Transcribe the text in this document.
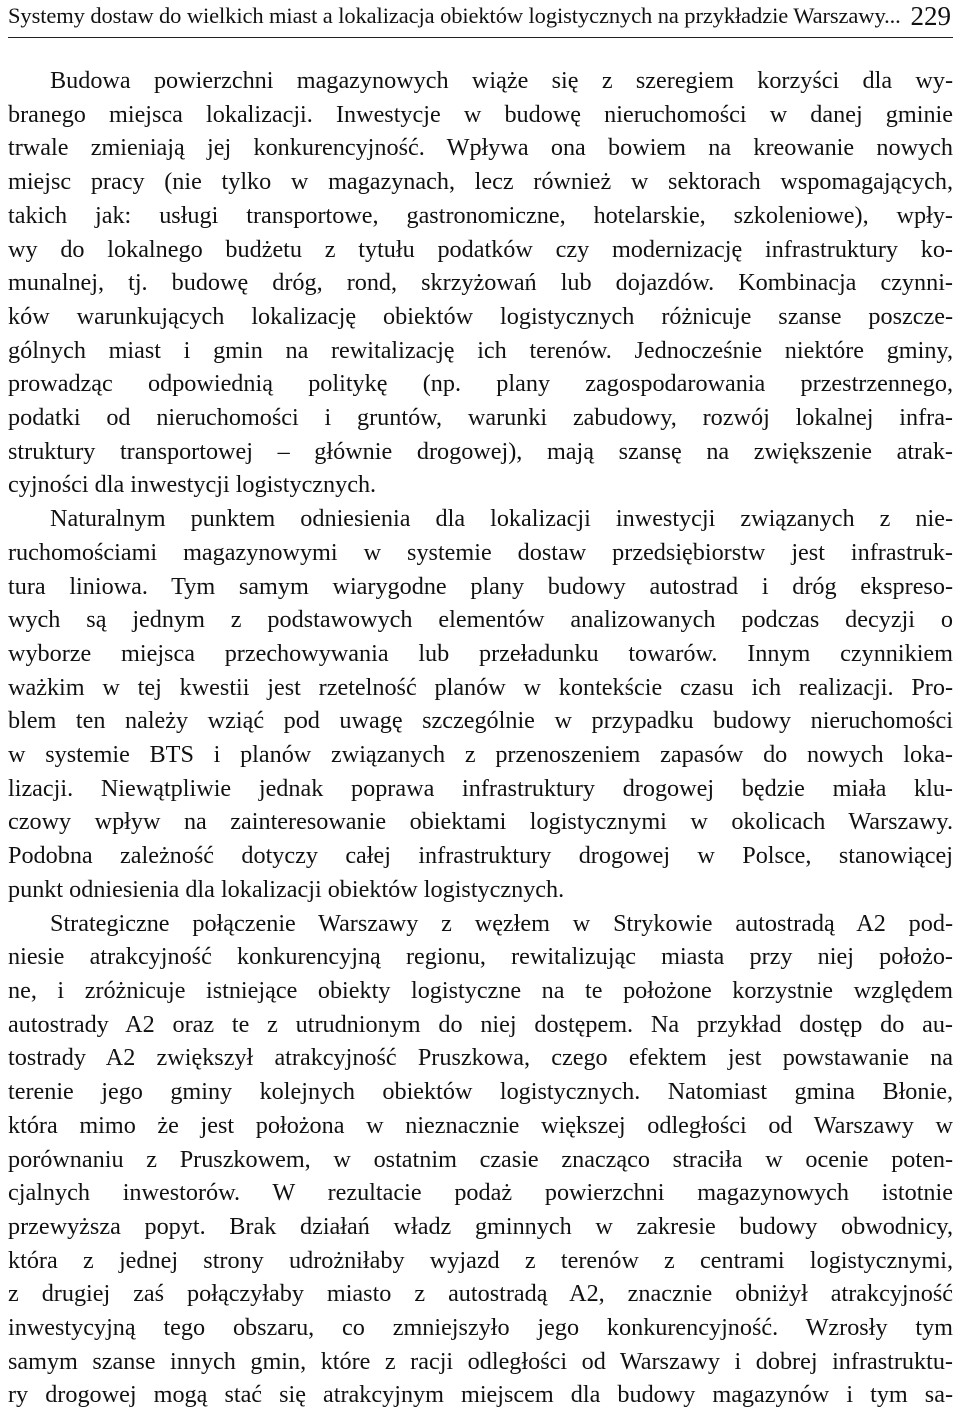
Systemy dostaw do wielkich miast a lokalizacja obiektów logistycznych na przykładzie Warszawy... 229
Budowa powierzchni magazynowych wiąże się z szeregiem korzyści dla wy-
branego miejsca lokalizacji. Inwestycje w budowę nieruchomości w danej gminie
trwale zmieniają jej konkurencyjność. Wpływa ona bowiem na kreowanie nowych
miejsc pracy (nie tylko w magazynach, lecz również w sektorach wspomagających,
takich jak: usługi transportowe, gastronomiczne, hotelarskie, szkoleniowe), wpły-
wy do lokalnego budżetu z tytułu podatków czy modernizację infrastruktury ko-
munalnej, tj. budowę dróg, rond, skrzyżowań lub dojazdów. Kombinacja czynni-
ków warunkujących lokalizację obiektów logistycznych różnicuje szanse poszcze-
gólnych miast i gmin na rewitalizację ich terenów. Jednocześnie niektóre gminy,
prowadząc odpowiednią politykę (np. plany zagospodarowania przestrzennego,
podatki od nieruchomości i gruntów, warunki zabudowy, rozwój lokalnej infra-
struktury transportowej – głównie drogowej), mają szansę na zwiększenie atrak-
cyjności dla inwestycji logistycznych.
Naturalnym punktem odniesienia dla lokalizacji inwestycji związanych z nie-
ruchomościami magazynowymi w systemie dostaw przedsiębiorstw jest infrastruk-
tura liniowa. Tym samym wiarygodne plany budowy autostrad i dróg ekspreso-
wych są jednym z podstawowych elementów analizowanych podczas decyzji o
wyborze miejsca przechowywania lub przeładunku towarów. Innym czynnikiem
ważkim w tej kwestii jest rzetelność planów w kontekście czasu ich realizacji. Pro-
blem ten należy wziąć pod uwagę szczególnie w przypadku budowy nieruchomości
w systemie BTS i planów związanych z przenoszeniem zapasów do nowych loka-
lizacji. Niewątpliwie jednak poprawa infrastruktury drogowej będzie miała klu-
czowy wpływ na zainteresowanie obiektami logistycznymi w okolicach Warszawy.
Podobna zależność dotyczy całej infrastruktury drogowej w Polsce, stanowiącej
punkt odniesienia dla lokalizacji obiektów logistycznych.
Strategiczne połączenie Warszawy z węzłem w Strykowie autostradą A2 pod-
niesie atrakcyjność konkurencyjną regionu, rewitalizując miasta przy niej położo-
ne, i zróżnicuje istniejące obiekty logistyczne na te położone korzystnie względem
autostrady A2 oraz te z utrudnionym do niej dostępem. Na przykład dostęp do au-
tostrady A2 zwiększył atrakcyjność Pruszkowa, czego efektem jest powstawanie na
terenie jego gminy kolejnych obiektów logistycznych. Natomiast gmina Błonie,
która mimo że jest położona w nieznacznie większej odległości od Warszawy w
porównaniu z Pruszkowem, w ostatnim czasie znacząco straciła w ocenie poten-
cjalnych inwestorów. W rezultacie podaż powierzchni magazynowych istotnie
przewyższa popyt. Brak działań władz gminnych w zakresie budowy obwodnicy,
która z jednej strony udrożniłaby wyjazd z terenów z centrami logistycznymi,
z drugiej zaś połączyłaby miasto z autostradą A2, znacznie obniżył atrakcyjność
inwestycyjną tego obszaru, co zmniejszyło jego konkurencyjność. Wzrosły tym
samym szanse innych gmin, które z racji odległości od Warszawy i dobrej infrastruktu-
ry drogowej mogą stać się atrakcyjnym miejscem dla budowy magazynów i tym sa-
